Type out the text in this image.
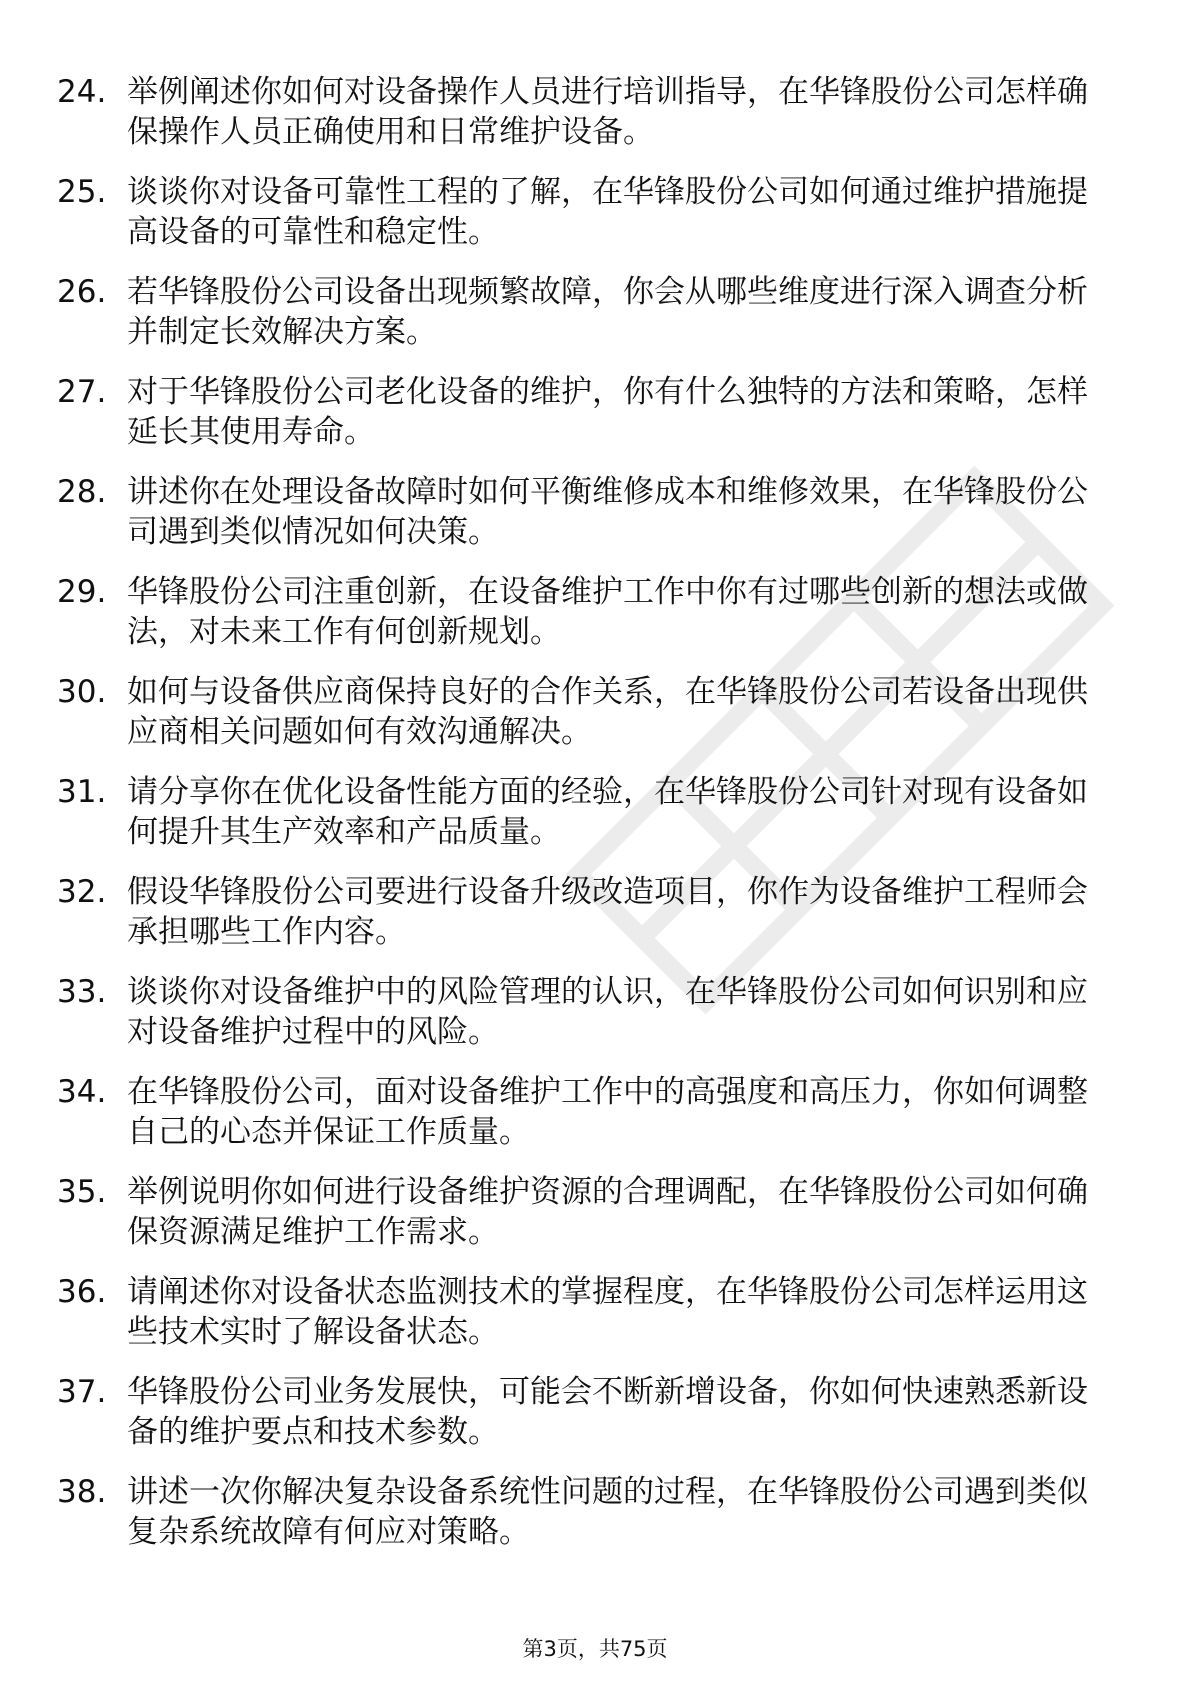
24. 举例阐述你如何对设备操作人员进行培训指导，在华锋股份公司怎样确保操作人员正确使用和日常维护设备。
25. 谈谈你对设备可靠性工程的了解，在华锋股份公司如何通过维护措施提高设备的可靠性和稳定性。
26. 若华锋股份公司设备出现频繁故障，你会从哪些维度进行深入调查分析并制定长效解决方案。
27. 对于华锋股份公司老化设备的维护，你有什么独特的方法和策略，怎样延长其使用寿命。
28. 讲述你在处理设备故障时如何平衡维修成本和维修效果，在华锋股份公司遇到类似情况如何决策。
29. 华锋股份公司注重创新，在设备维护工作中你有过哪些创新的想法或做法，对未来工作有何创新规划。
30. 如何与设备供应商保持良好的合作关系，在华锋股份公司若设备出现供应商相关问题如何有效沟通解决。
31. 请分享你在优化设备性能方面的经验，在华锋股份公司针对现有设备如何提升其生产效率和产品质量。
32. 假设华锋股份公司要进行设备升级改造项目，你作为设备维护工程师会承担哪些工作内容。
33. 谈谈你对设备维护中的风险管理的认识，在华锋股份公司如何识别和应对设备维护过程中的风险。
34. 在华锋股份公司，面对设备维护工作中的高强度和高压力，你如何调整自己的心态并保证工作质量。
35. 举例说明你如何进行设备维护资源的合理调配，在华锋股份公司如何确保资源满足维护工作需求。
36. 请阐述你对设备状态监测技术的掌握程度，在华锋股份公司怎样运用这些技术实时了解设备状态。
37. 华锋股份公司业务发展快，可能会不断新增设备，你如何快速熟悉新设备的维护要点和技术参数。
38. 讲述一次你解决复杂设备系统性问题的过程，在华锋股份公司遇到类似复杂系统故障有何应对策略。
第3页，共75页
